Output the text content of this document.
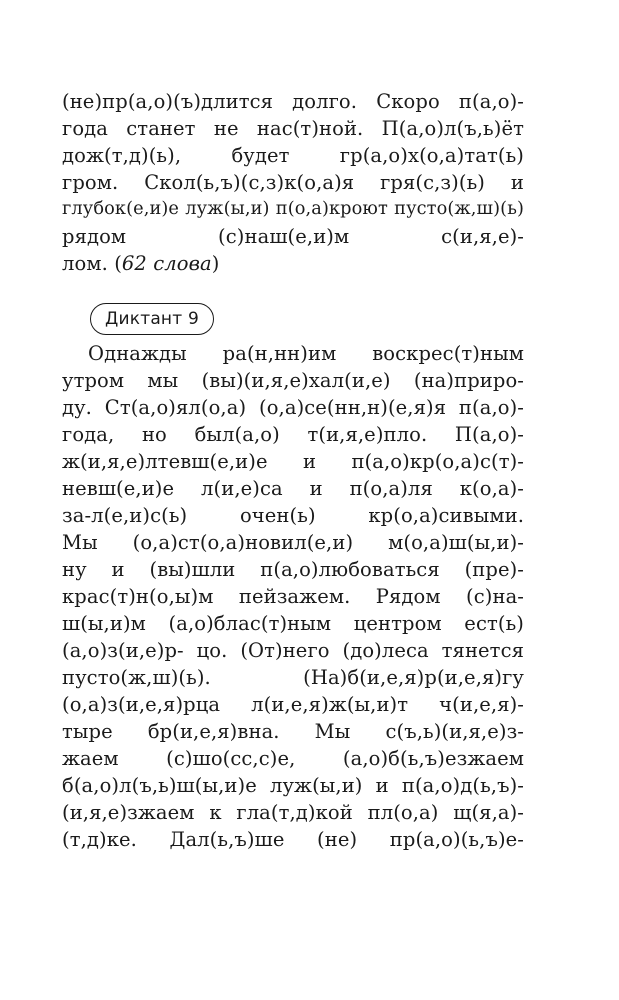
(не)пр(а,о)(ъ)длится долго. Скоро п(а,о)-
года станет не нас(т)ной. П(а,о)л(ъ,ь)ёт
дож(т,д)(ь), будет гр(а,о)х(о,а)тат(ь)
гром. Скол(ь,ъ)(с,з)к(о,а)я гря(с,з)(ь) и
глубок(е,и)е луж(ы,и) п(о,а)кроют пусто(ж,ш)(ь)
рядом (с)наш(е,и)м с(и,я,е)-
лом. (62 слова)
Диктант 9
Однажды ра(н,нн)им воскрес(т)ным
утром мы (вы)(и,я,е)хал(и,е) (на)приро-
ду. Ст(а,о)ял(о,а) (о,а)се(нн,н)(е,я)я п(а,о)-
года, но был(а,о) т(и,я,е)пло. П(а,о)-
ж(и,я,е)лтевш(е,и)е и п(а,о)кр(о,а)с(т)-
невш(е,и)е л(и,е)са и п(о,а)ля к(о,а)-
за-л(е,и)с(ь) очен(ь) кр(о,а)сивыми.
Мы (о,а)ст(о,а)новил(е,и) м(о,а)ш(ы,и)-
ну и (вы)шли п(а,о)любоваться (пре)-
крас(т)н(о,ы)м пейзажем. Рядом (с)на-
ш(ы,и)м (а,о)блас(т)ным центром ест(ь)
(а,о)з(и,е)р- цо. (От)него (до)леса тянется
пусто(ж,ш)(ь). (На)б(и,е,я)р(и,е,я)гу
(о,а)з(и,е,я)рца л(и,е,я)ж(ы,и)т ч(и,е,я)-
тыре бр(и,е,я)вна. Мы с(ъ,ь)(и,я,е)з-
жаем (с)шо(сс,с)е, (а,о)б(ь,ъ)езжаем
б(а,о)л(ъ,ь)ш(ы,и)е луж(ы,и) и п(а,о)д(ь,ъ)-
(и,я,е)зжаем к гла(т,д)кой пл(о,а) щ(я,а)-
(т,д)ке. Дал(ь,ъ)ше (не) пр(а,о)(ь,ъ)е-
